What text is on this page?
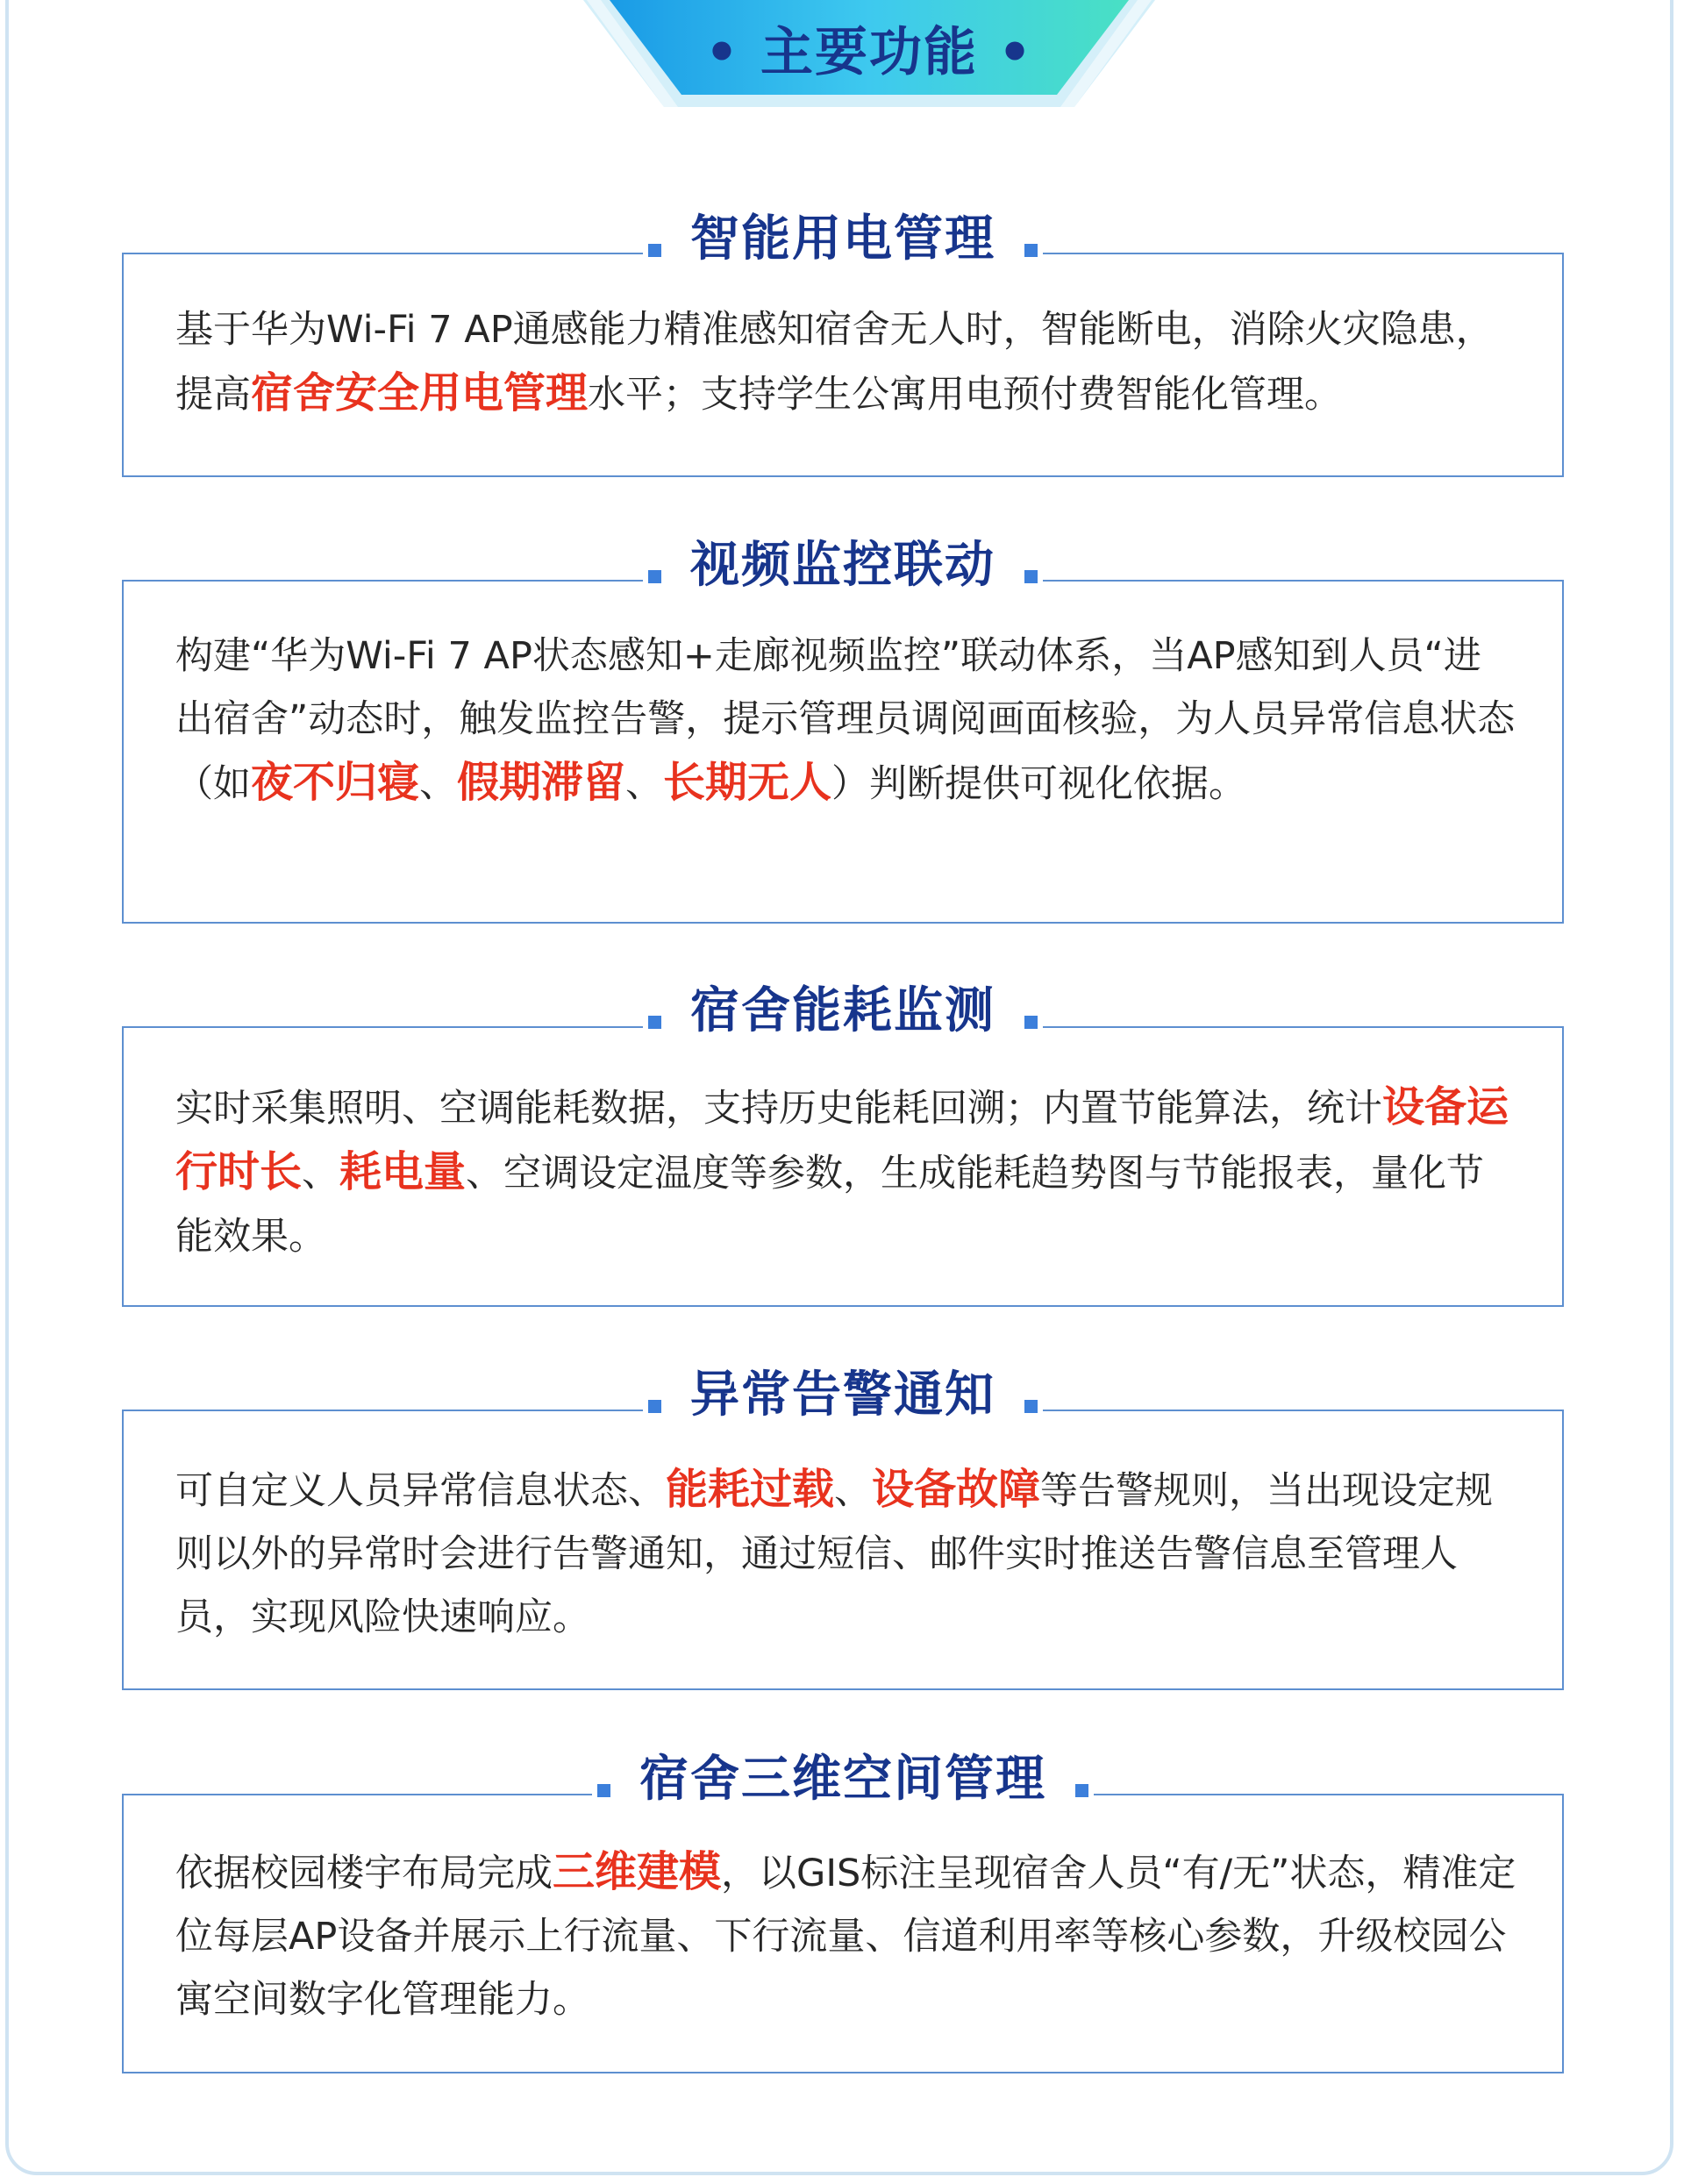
• 主要功能 •
智能用电管理

基于华为Wi-Fi 7 AP通感能力精准感知宿舍无人时，智能断电，消除火灾隐患，提高宿舍安全用电管理水平；支持学生公寓用电预付费智能化管理。

视频监控联动

构建“华为Wi-Fi 7 AP状态感知+走廊视频监控”联动体系，当AP感知到人员“进出宿舍”动态时，触发监控告警，提示管理员调阅画面核验，为人员异常信息状态（如夜不归寝、假期滞留、长期无人）判断提供可视化依据。

宿舍能耗监测

实时采集照明、空调能耗数据，支持历史能耗回溯；内置节能算法，统计设备运行时长、耗电量、空调设定温度等参数，生成能耗趋势图与节能报表，量化节能效果。

异常告警通知

可自定义人员异常信息状态、能耗过载、设备故障等告警规则，当出现设定规则以外的异常时会进行告警通知，通过短信、邮件实时推送告警信息至管理人员，实现风险快速响应。

宿舍三维空间管理

依据校园楼宇布局完成三维建模，以GIS标注呈现宿舍人员“有/无”状态，精准定位每层AP设备并展示上行流量、下行流量、信道利用率等核心参数，升级校园公寓空间数字化管理能力。
